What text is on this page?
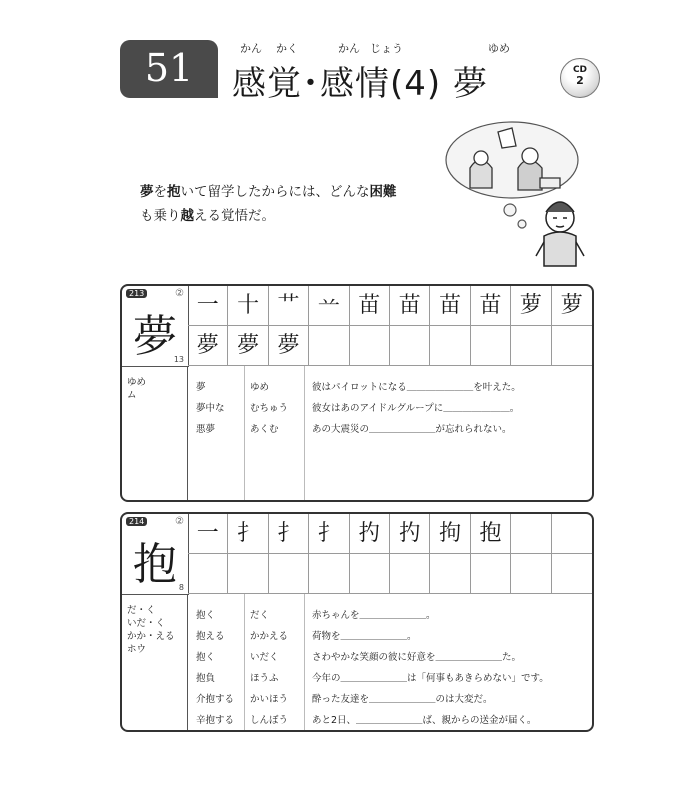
51	かん かく	かん じょう	ゆめ
感覚･感情(4) 夢	CD
2
夢を抱いて留学したからには、どんな困難
も乗り越える覚悟だ。
213	②
夢
13
一 十 艹 䒑 苗 苗 苗 苗 萝 萝
夢 夢 夢
ゆめ
ム
夢	ゆめ	彼はパイロットになる＿＿＿＿＿＿＿を叶えた。
夢中な	むちゅう	彼女はあのアイドルグループに＿＿＿＿＿＿＿。
悪夢	あくむ	あの大震災の＿＿＿＿＿＿＿が忘れられない。
214	②
抱 8
一 扌 扌 扌 扚 扚 拘 抱
だ・く
いだ・く
かか・える
ホウ
抱く	だく	赤ちゃんを＿＿＿＿＿＿＿。
抱える	かかえる	荷物を＿＿＿＿＿＿＿。
抱く	いだく	さわやかな笑顔の彼に好意を＿＿＿＿＿＿＿た。
抱負	ほうふ	今年の＿＿＿＿＿＿＿は「何事もあきらめない」です。
介抱する かいほう	酔った友達を＿＿＿＿＿＿＿のは大変だ。
辛抱する しんぼう	あと2日、＿＿＿＿＿＿＿ば、親からの送金が届く。
